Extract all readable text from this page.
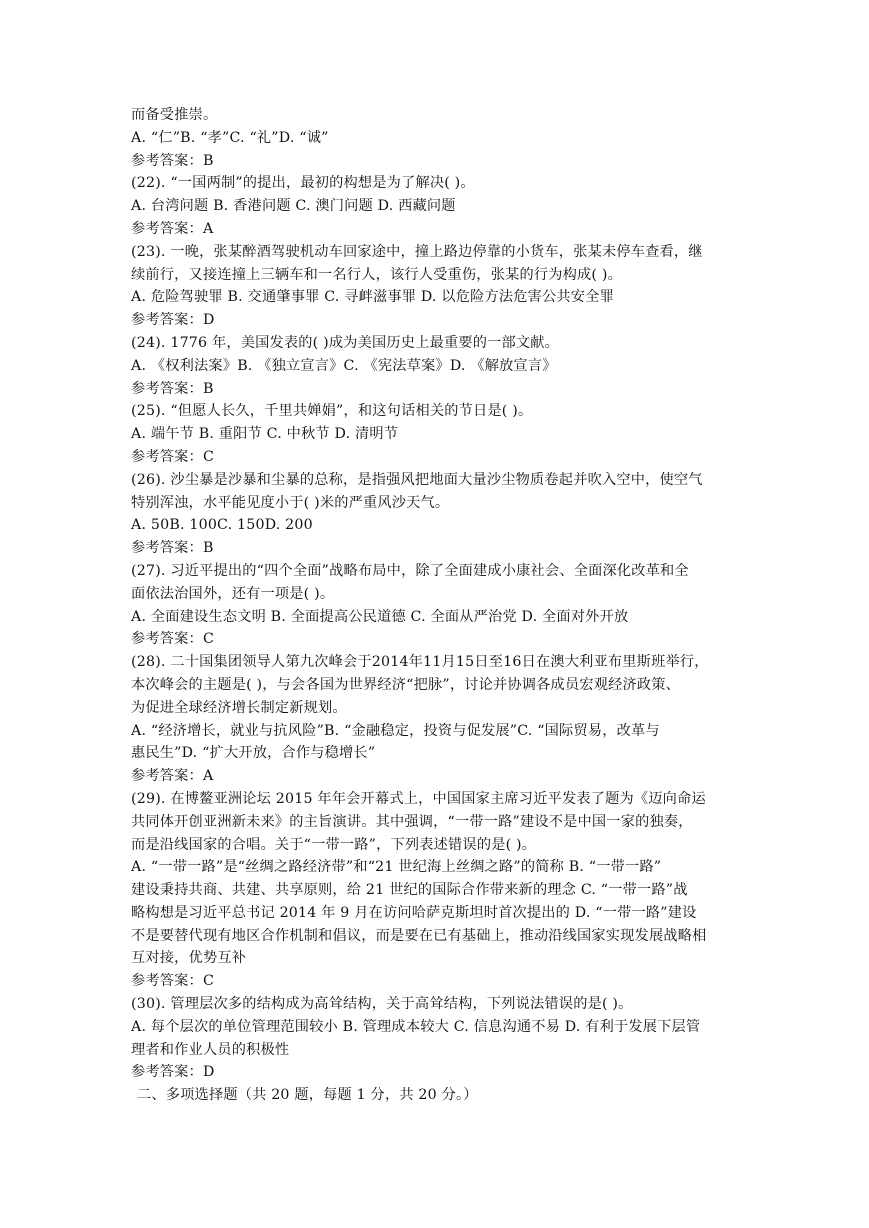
而备受推崇。
A. “仁”B. “孝”C. “礼”D. “诚”
参考答案：B
(22). “一国两制”的提出，最初的构想是为了解决( )。
A. 台湾问题 B. 香港问题 C. 澳门问题 D. 西藏问题
参考答案：A
(23). 一晚，张某醉酒驾驶机动车回家途中，撞上路边停靠的小货车，张某未停车查看，继
续前行，又接连撞上三辆车和一名行人，该行人受重伤，张某的行为构成( )。
A. 危险驾驶罪 B. 交通肇事罪 C. 寻衅滋事罪 D. 以危险方法危害公共安全罪
参考答案：D
(24). 1776 年，美国发表的( )成为美国历史上最重要的一部文献。
A. 《权利法案》B. 《独立宣言》C. 《宪法草案》D. 《解放宣言》
参考答案：B
(25). “但愿人长久，千里共婵娟”，和这句话相关的节日是( )。
A. 端午节 B. 重阳节 C. 中秋节 D. 清明节
参考答案：C
(26). 沙尘暴是沙暴和尘暴的总称，是指强风把地面大量沙尘物质卷起并吹入空中，使空气
特别浑浊，水平能见度小于( )米的严重风沙天气。
A. 50B. 100C. 150D. 200
参考答案：B
(27). 习近平提出的“四个全面”战略布局中，除了全面建成小康社会、全面深化改革和全
面依法治国外，还有一项是( )。
A. 全面建设生态文明 B. 全面提高公民道德 C. 全面从严治党 D. 全面对外开放
参考答案：C
(28). 二十国集团领导人第九次峰会于2014年11月15日至16日在澳大利亚布里斯班举行，
本次峰会的主题是( )，与会各国为世界经济“把脉”，讨论并协调各成员宏观经济政策、
为促进全球经济增长制定新规划。
A. “经济增长，就业与抗风险”B. “金融稳定，投资与促发展”C. “国际贸易，改革与
惠民生”D. “扩大开放，合作与稳增长”
参考答案：A
(29). 在博鳌亚洲论坛 2015 年年会开幕式上，中国国家主席习近平发表了题为《迈向命运
共同体开创亚洲新未来》的主旨演讲。其中强调，“一带一路”建设不是中国一家的独奏，
而是沿线国家的合唱。关于“一带一路”，下列表述错误的是( )。
A. “一带一路”是“丝绸之路经济带”和“21 世纪海上丝绸之路”的简称 B. “一带一路”
建设秉持共商、共建、共享原则，给 21 世纪的国际合作带来新的理念 C. “一带一路”战
略构想是习近平总书记 2014 年 9 月在访问哈萨克斯坦时首次提出的 D. “一带一路”建设
不是要替代现有地区合作机制和倡议，而是要在已有基础上，推动沿线国家实现发展战略相
互对接，优势互补
参考答案：C
(30). 管理层次多的结构成为高耸结构，关于高耸结构，下列说法错误的是( )。
A. 每个层次的单位管理范围较小 B. 管理成本较大 C. 信息沟通不易 D. 有利于发展下层管
理者和作业人员的积极性
参考答案：D
二、多项选择题（共 20 题，每题 1 分，共 20 分。）
